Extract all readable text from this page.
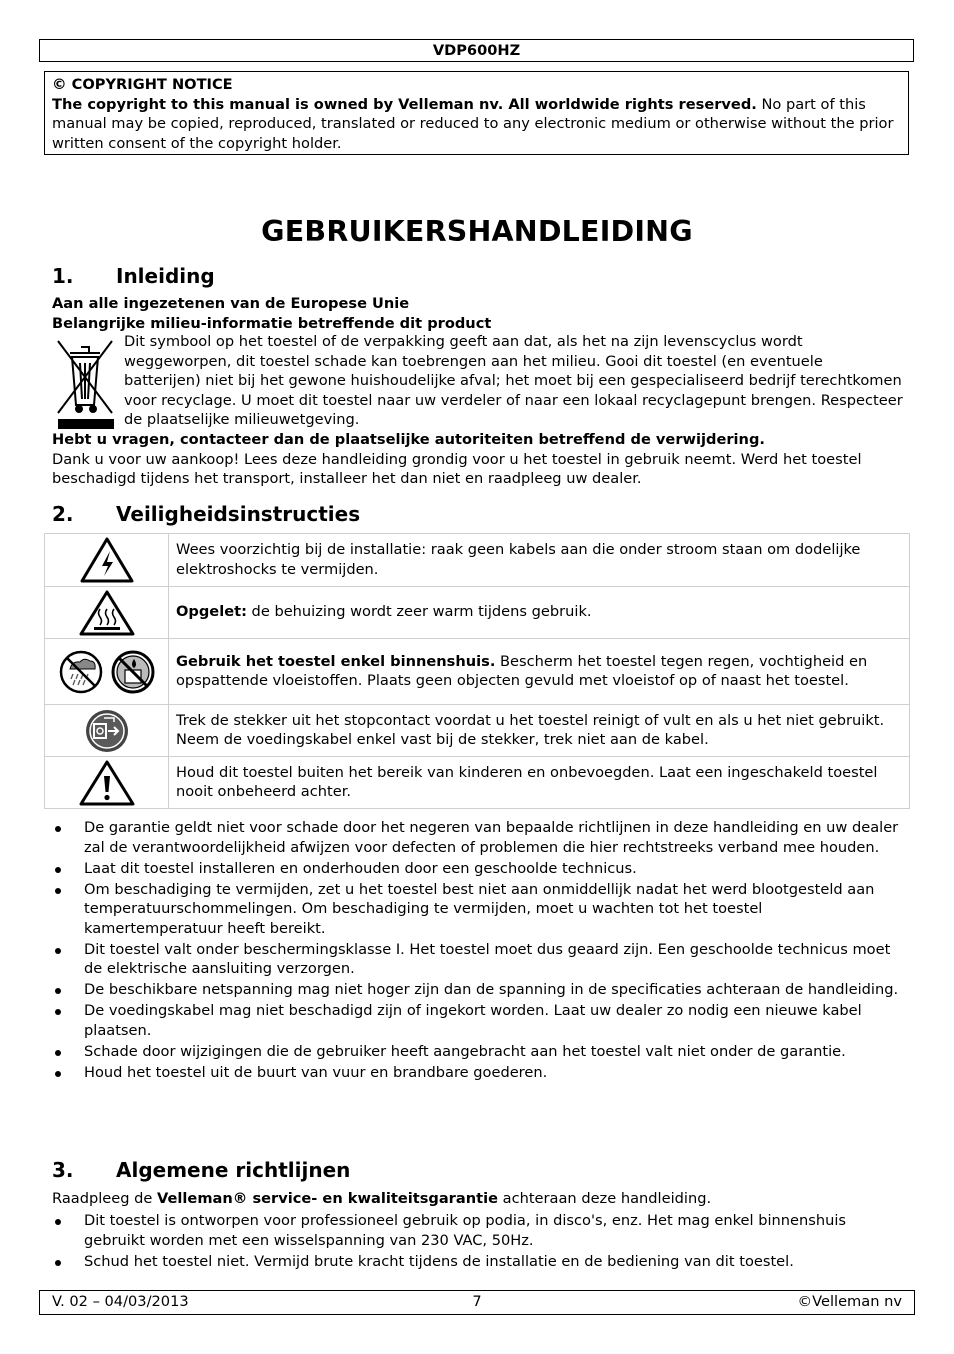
VDP600HZ

© COPYRIGHT NOTICE

The copyright to this manual is owned by Velleman nv. All worldwide rights reserved. No part of this manual may be copied, reproduced, translated or reduced to any electronic medium or otherwise without the prior written consent of the copyright holder.

GEBRUIKERSHANDLEIDING
1. Inleiding
Aan alle ingezetenen van de Europese Unie
Belangrijke milieu-informatie betreffende dit product
Dit symbool op het toestel of de verpakking geeft aan dat, als het na zijn levenscyclus wordt weggeworpen, dit toestel schade kan toebrengen aan het milieu. Gooi dit toestel (en eventuele batterijen) niet bij het gewone huishoudelijke afval; het moet bij een gespecialiseerd bedrijf terechtkomen voor recyclage. U moet dit toestel naar uw verdeler of naar een lokaal recyclagepunt brengen. Respecteer de plaatselijke milieuwetgeving.
Hebt u vragen, contacteer dan de plaatselijke autoriteiten betreffend de verwijdering.
Dank u voor uw aankoop! Lees deze handleiding grondig voor u het toestel in gebruik neemt. Werd het toestel beschadigd tijdens het transport, installeer het dan niet en raadpleeg uw dealer.
2. Veiligheidsinstructies
	Wees voorzichtig bij de installatie: raak geen kabels aan die onder stroom staan om dodelijke elektroshocks te vermijden.

	Opgelet: de behuizing wordt zeer warm tijdens gebruik.

	Gebruik het toestel enkel binnenshuis. Bescherm het toestel tegen regen, vochtigheid en opspattende vloeistoffen. Plaats geen objecten gevuld met vloeistof op of naast het toestel.

	Trek de stekker uit het stopcontact voordat u het toestel reinigt of vult en als u het niet gebruikt. Neem de voedingskabel enkel vast bij de stekker, trek niet aan de kabel.

	Houd dit toestel buiten het bereik van kinderen en onbevoegden. Laat een ingeschakeld toestel nooit onbeheerd achter.
De garantie geldt niet voor schade door het negeren van bepaalde richtlijnen in deze handleiding en uw dealer zal de verantwoordelijkheid afwijzen voor defecten of problemen die hier rechtstreeks verband mee houden.
Laat dit toestel installeren en onderhouden door een geschoolde technicus.
Om beschadiging te vermijden, zet u het toestel best niet aan onmiddellijk nadat het werd blootgesteld aan temperatuurschommelingen. Om beschadiging te vermijden, moet u wachten tot het toestel kamertemperatuur heeft bereikt.
Dit toestel valt onder beschermingsklasse I. Het toestel moet dus geaard zijn. Een geschoolde technicus moet de elektrische aansluiting verzorgen.
De beschikbare netspanning mag niet hoger zijn dan de spanning in de specificaties achteraan de handleiding.
De voedingskabel mag niet beschadigd zijn of ingekort worden. Laat uw dealer zo nodig een nieuwe kabel plaatsen.
Schade door wijzigingen die de gebruiker heeft aangebracht aan het toestel valt niet onder de garantie.
Houd het toestel uit de buurt van vuur en brandbare goederen.
3. Algemene richtlijnen
Raadpleeg de Velleman® service- en kwaliteitsgarantie achteraan deze handleiding.
Dit toestel is ontworpen voor professioneel gebruik op podia, in disco's, enz. Het mag enkel binnenshuis gebruikt worden met een wisselspanning van 230 VAC, 50Hz.
Schud het toestel niet. Vermijd brute kracht tijdens de installatie en de bediening van dit toestel.
7
V. 02 – 04/03/2013	©Velleman nv
